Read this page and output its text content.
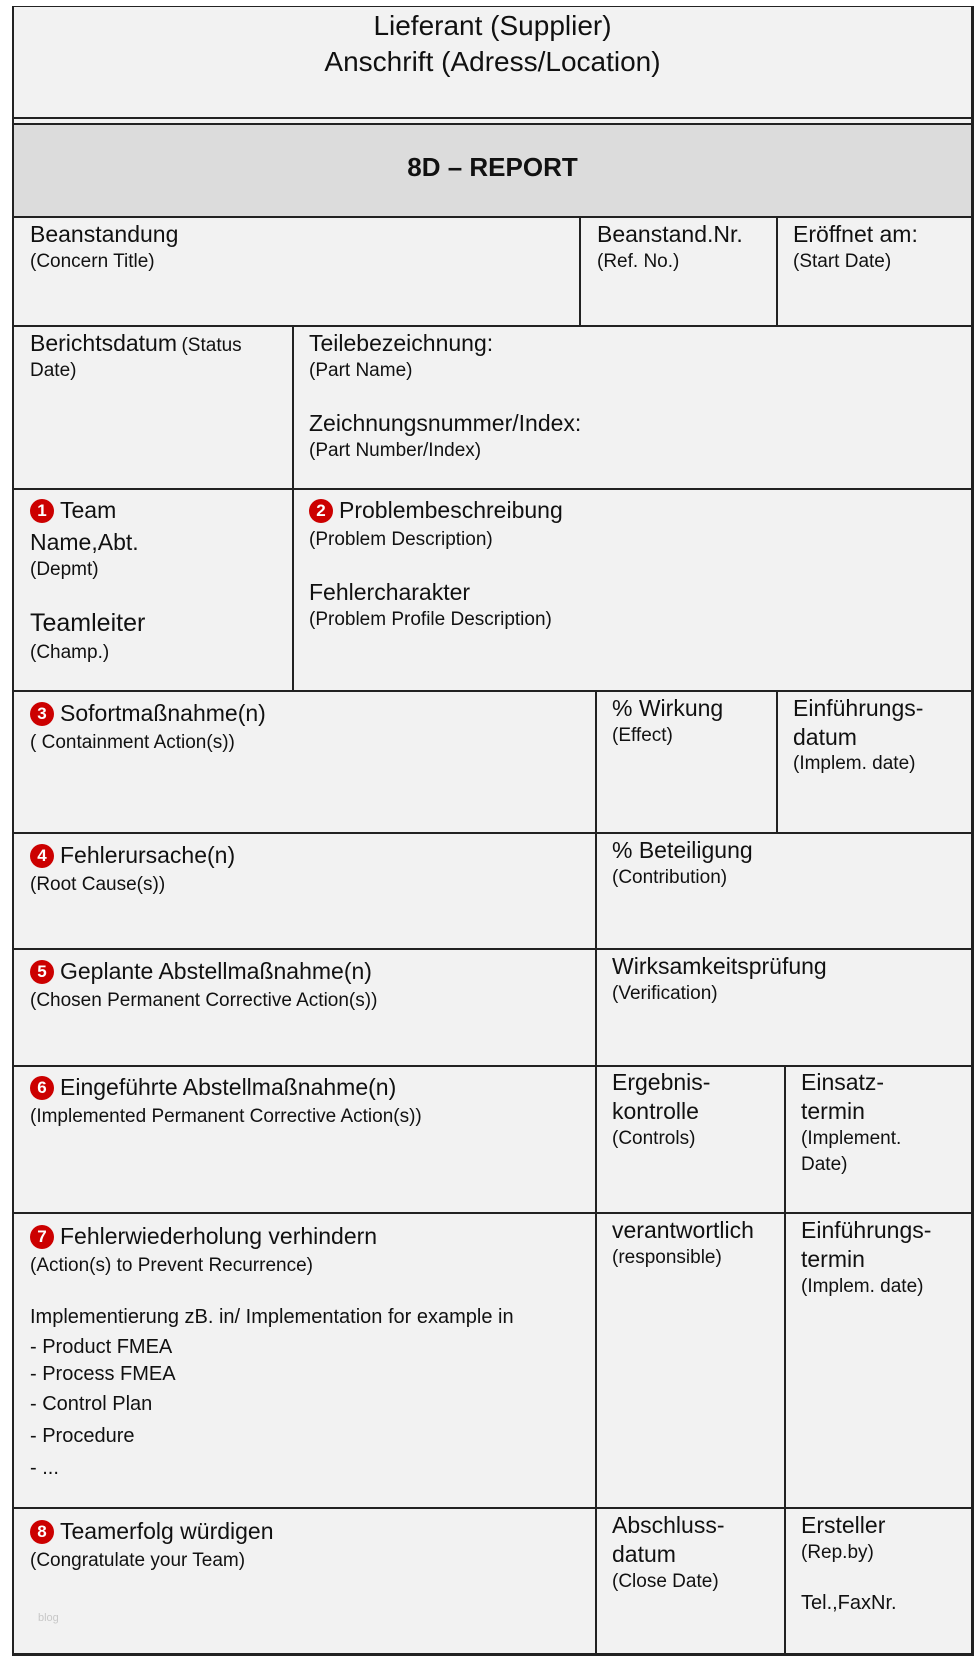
Lieferant (Supplier)
Anschrift (Adress/Location)
8D – REPORT
Beanstandung
(Concern Title)
Beanstand.Nr.
(Ref. No.)
Eröffnet am:
(Start Date)
Berichtsdatum (Status
Date)
Teilebezeichnung:
(Part Name)
Zeichnungsnummer/Index:
(Part Number/Index)
1 Team
Name,Abt.
(Depmt)
Teamleiter
(Champ.)
2 Problembeschreibung
(Problem Description)
Fehlercharakter
(Problem Profile Description)
3 Sofortmaßnahme(n)
( Containment Action(s))
% Wirkung
(Effect)
Einführungs-
datum
(Implem. date)
4 Fehlerursache(n)
(Root Cause(s))
% Beteiligung
(Contribution)
5 Geplante Abstellmaßnahme(n)
(Chosen Permanent Corrective Action(s))
Wirksamkeitsprüfung
(Verification)
6 Eingeführte Abstellmaßnahme(n)
(Implemented Permanent Corrective Action(s))
Ergebnis-
kontrolle
(Controls)
Einsatz-
termin
(Implement.
Date)
7 Fehlerwiederholung verhindern
(Action(s) to Prevent Recurrence)
Implementierung zB. in/ Implementation for example in
- Product FMEA
- Process FMEA
- Control Plan
- Procedure
- ...
verantwortlich
(responsible)
Einführungs-
termin
(Implem. date)
8 Teamerfolg würdigen
(Congratulate your Team)
Abschluss-
datum
(Close Date)
Ersteller
(Rep.by)
Tel.,FaxNr.
blog
